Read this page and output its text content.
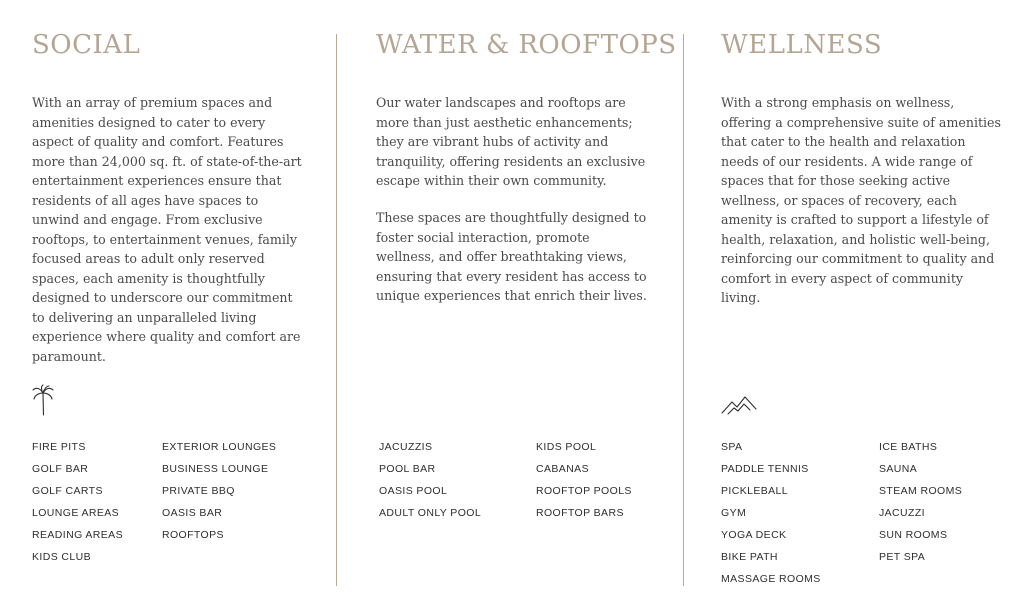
SOCIAL

With an array of premium spaces and amenities designed to cater to every aspect of quality and comfort. Features more than 24,000 sq. ft. of state-of-the-art entertainment experiences ensure that residents of all ages have spaces to unwind and engage. From exclusive rooftops, to entertainment venues, family focused areas to adult only reserved spaces, each amenity is thoughtfully designed to underscore our commitment to delivering an unparalleled living experience where quality and comfort are paramount.

FIRE PITS
GOLF BAR
GOLF CARTS
LOUNGE AREAS
READING AREAS
KIDS CLUB
EXTERIOR LOUNGES
BUSINESS LOUNGE
PRIVATE BBQ
OASIS BAR
ROOFTOPS
WATER & ROOFTOPS

Our water landscapes and rooftops are more than just aesthetic enhancements; they are vibrant hubs of activity and tranquility, offering residents an exclusive escape within their own community.

These spaces are thoughtfully designed to foster social interaction, promote wellness, and offer breathtaking views, ensuring that every resident has access to unique experiences that enrich their lives.

JACUZZIS
POOL BAR
OASIS POOL
ADULT ONLY POOL
KIDS POOL
CABANAS
ROOFTOP POOLS
ROOFTOP BARS
WELLNESS

With a strong emphasis on wellness, offering a comprehensive suite of amenities that cater to the health and relaxation needs of our residents. A wide range of spaces that for those seeking active wellness, or spaces of recovery, each amenity is crafted to support a lifestyle of health, relaxation, and holistic well-being, reinforcing our commitment to quality and comfort in every aspect of community living.

SPA
PADDLE TENNIS
PICKLEBALL
GYM
YOGA DECK
BIKE PATH
MASSAGE ROOMS
ICE BATHS
SAUNA
STEAM ROOMS
JACUZZI
SUN ROOMS
PET SPA
